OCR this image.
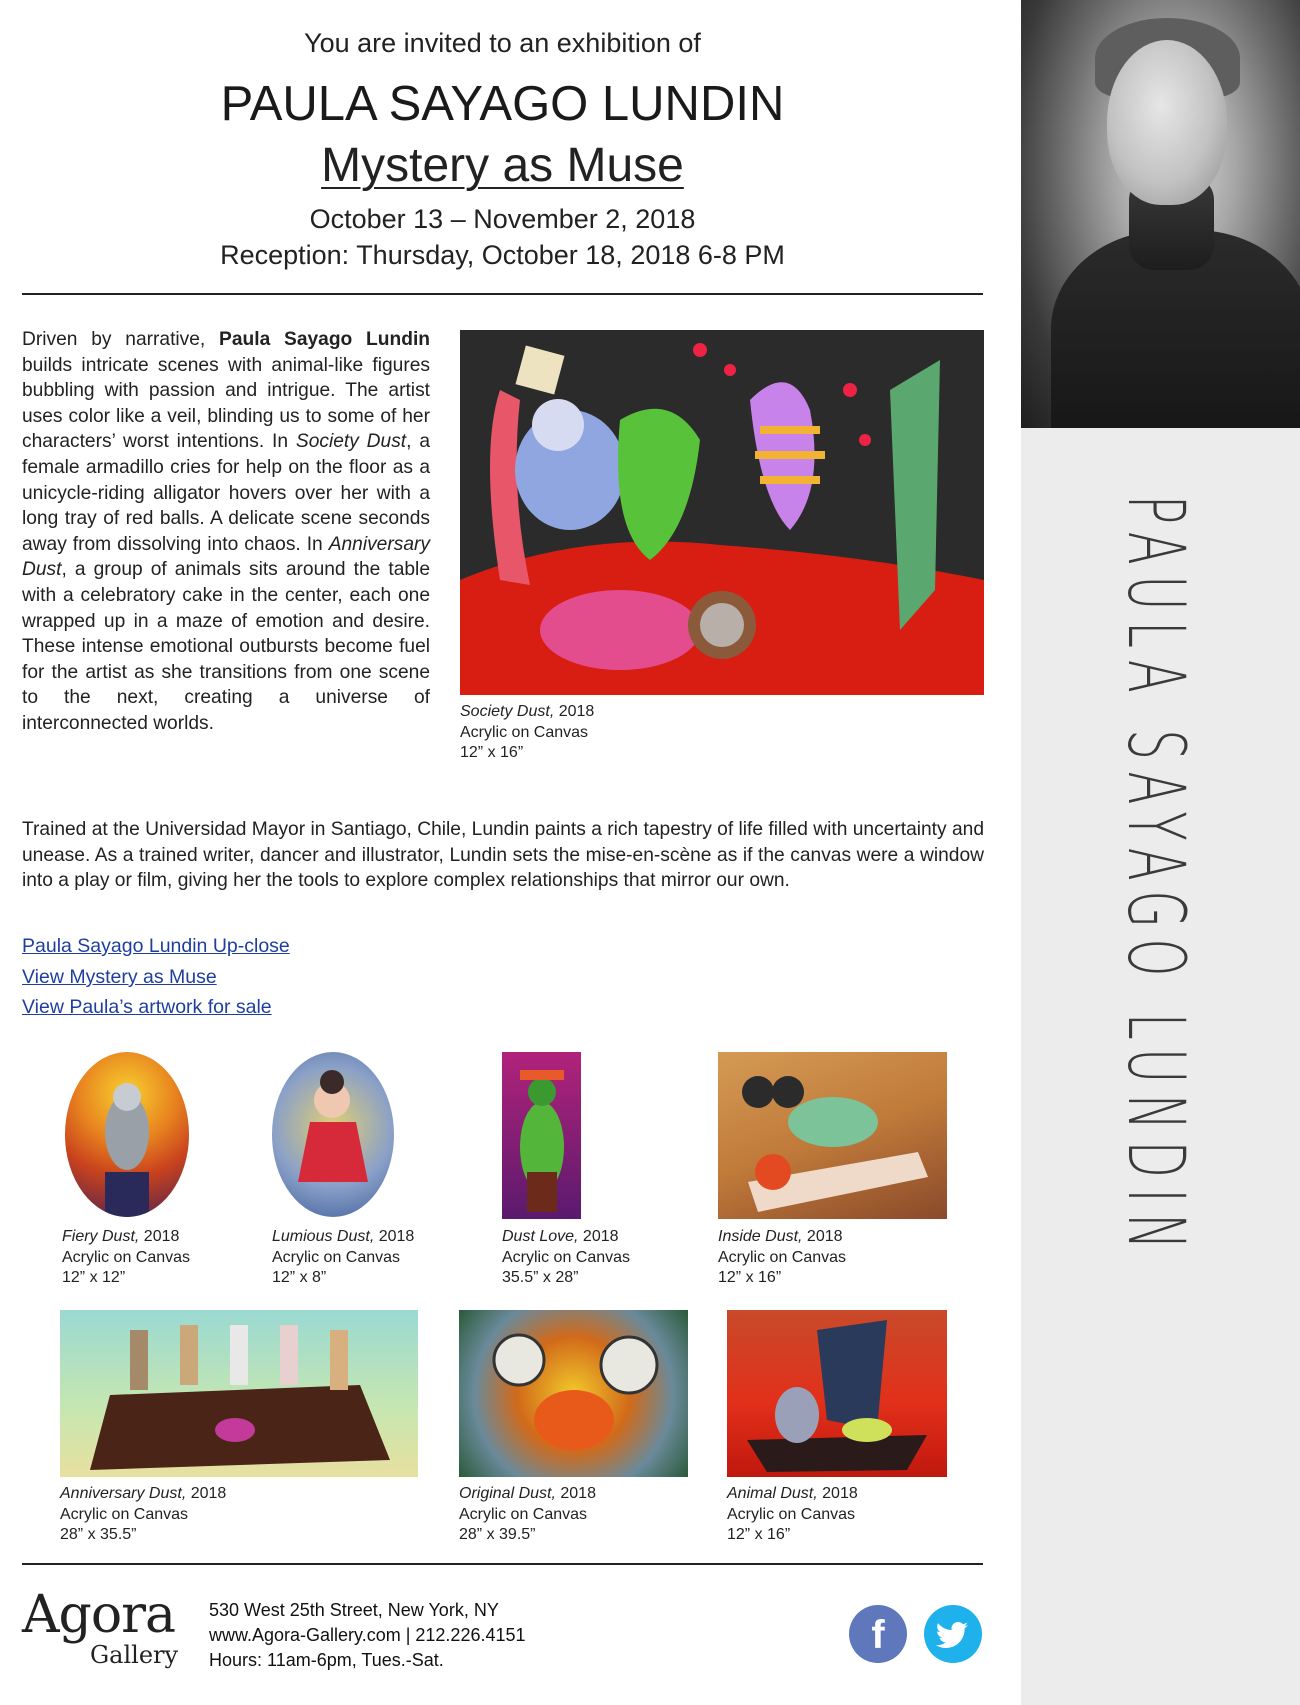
PAULA SAYAGO LUNDIN
You are invited to an exhibition of
PAULA SAYAGO LUNDIN
Mystery as Muse
October 13 – November 2, 2018
Reception: Thursday, October 18, 2018 6-8 PM
Driven by narrative, Paula Sayago Lundin builds intricate scenes with animal-like figures bubbling with passion and intrigue. The artist uses color like a veil, blinding us to some of her characters’ worst intentions. In Society Dust, a female armadillo cries for help on the floor as a unicycle-riding alligator hovers over her with a long tray of red balls. A delicate scene seconds away from dissolving into chaos. In Anniversary Dust, a group of animals sits around the table with a celebratory cake in the center, each one wrapped up in a maze of emotion and desire. These intense emotional outbursts become fuel for the artist as she transitions from one scene to the next, creating a universe of interconnected worlds.
Society Dust, 2018
Acrylic on Canvas
12” x 16”
Trained at the Universidad Mayor in Santiago, Chile, Lundin paints a rich tapestry of life filled with uncertainty and unease. As a trained writer, dancer and illustrator, Lundin sets the mise-en-scène as if the canvas were a window into a play or film, giving her the tools to explore complex relationships that mirror our own.
Paula Sayago Lundin Up-close
View Mystery as Muse
View Paula’s artwork for sale
Fiery Dust, 2018
Acrylic on Canvas
12” x 12”
Lumious Dust, 2018
Acrylic on Canvas
12” x 8”
Dust Love, 2018
Acrylic on Canvas
35.5” x 28”
Inside Dust, 2018
Acrylic on Canvas
12” x 16”
Anniversary Dust, 2018
Acrylic on Canvas
28” x 35.5”
Original Dust, 2018
Acrylic on Canvas
28” x 39.5”
Animal Dust, 2018
Acrylic on Canvas
12” x 16”
Agora
Gallery
530 West 25th Street, New York, NY
www.Agora-Gallery.com | 212.226.4151
Hours: 11am-6pm, Tues.-Sat.
f
